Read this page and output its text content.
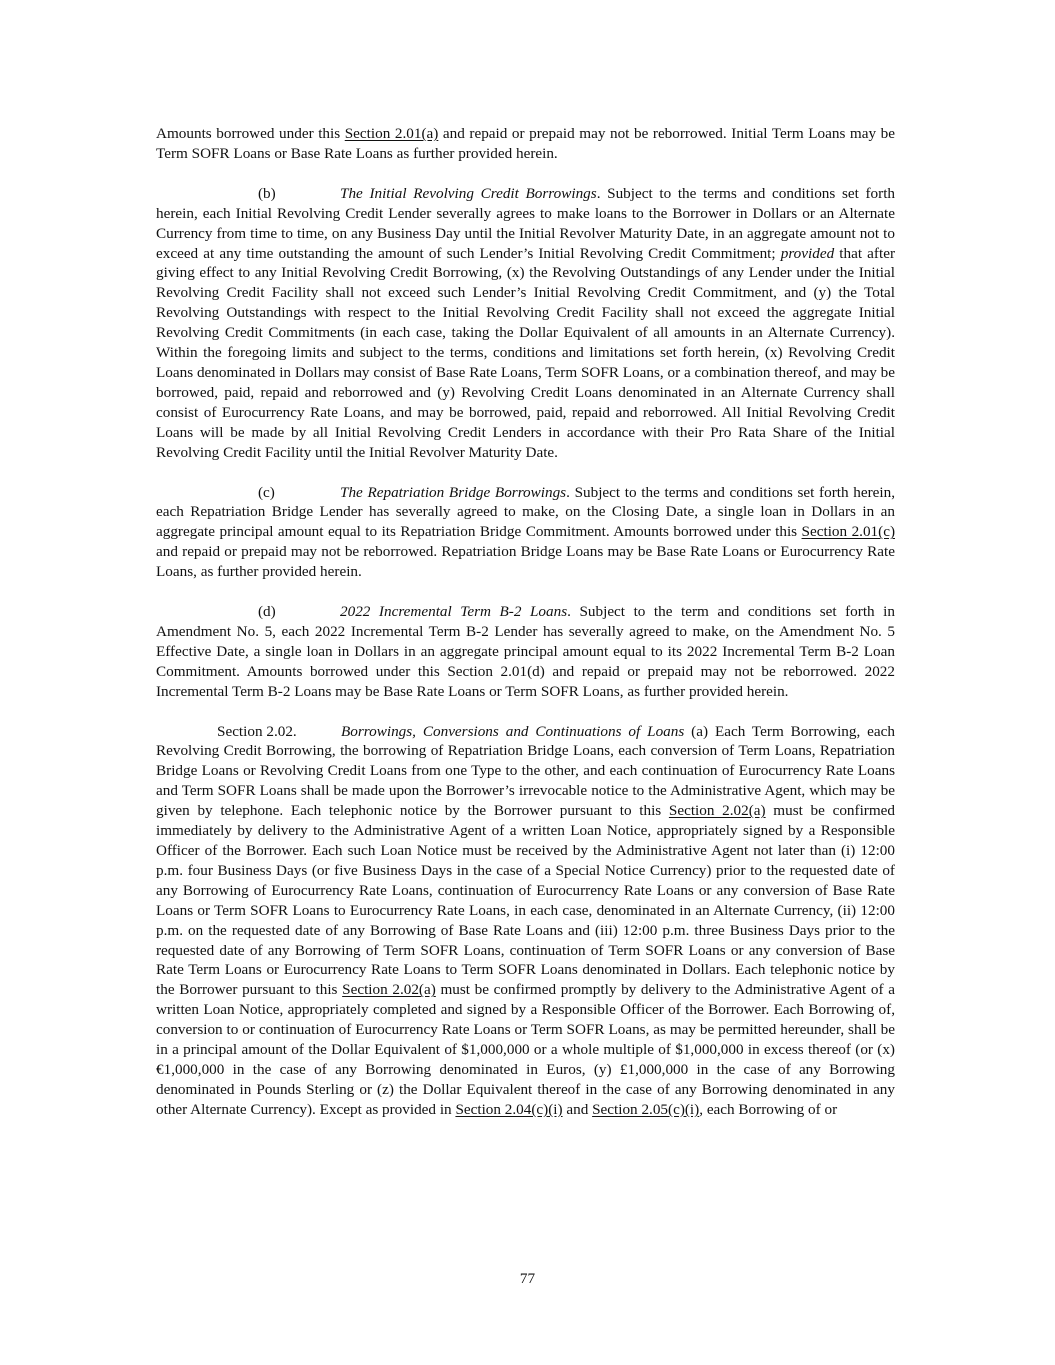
Amounts borrowed under this Section 2.01(a) and repaid or prepaid may not be reborrowed. Initial Term Loans may be Term SOFR Loans or Base Rate Loans as further provided herein.

(b)	The Initial Revolving Credit Borrowings. Subject to the terms and conditions set forth herein, each Initial Revolving Credit Lender severally agrees to make loans to the Borrower in Dollars or an Alternate Currency from time to time, on any Business Day until the Initial Revolver Maturity Date, in an aggregate amount not to exceed at any time outstanding the amount of such Lender’s Initial Revolving Credit Commitment; provided that after giving effect to any Initial Revolving Credit Borrowing, (x) the Revolving Outstandings of any Lender under the Initial Revolving Credit Facility shall not exceed such Lender’s Initial Revolving Credit Commitment, and (y) the Total Revolving Outstandings with respect to the Initial Revolving Credit Facility shall not exceed the aggregate Initial Revolving Credit Commitments (in each case, taking the Dollar Equivalent of all amounts in an Alternate Currency). Within the foregoing limits and subject to the terms, conditions and limitations set forth herein, (x) Revolving Credit Loans denominated in Dollars may consist of Base Rate Loans, Term SOFR Loans, or a combination thereof, and may be borrowed, paid, repaid and reborrowed and (y) Revolving Credit Loans denominated in an Alternate Currency shall consist of Eurocurrency Rate Loans, and may be borrowed, paid, repaid and reborrowed. All Initial Revolving Credit Loans will be made by all Initial Revolving Credit Lenders in accordance with their Pro Rata Share of the Initial Revolving Credit Facility until the Initial Revolver Maturity Date.

(c)	The Repatriation Bridge Borrowings. Subject to the terms and conditions set forth herein, each Repatriation Bridge Lender has severally agreed to make, on the Closing Date, a single loan in Dollars in an aggregate principal amount equal to its Repatriation Bridge Commitment. Amounts borrowed under this Section 2.01(c) and repaid or prepaid may not be reborrowed. Repatriation Bridge Loans may be Base Rate Loans or Eurocurrency Rate Loans, as further provided herein.

(d)	2022 Incremental Term B-2 Loans. Subject to the term and conditions set forth in Amendment No. 5, each 2022 Incremental Term B-2 Lender has severally agreed to make, on the Amendment No. 5 Effective Date, a single loan in Dollars in an aggregate principal amount equal to its 2022 Incremental Term B-2 Loan Commitment. Amounts borrowed under this Section 2.01(d) and repaid or prepaid may not be reborrowed. 2022 Incremental Term B-2 Loans may be Base Rate Loans or Term SOFR Loans, as further provided herein.

Section 2.02.	Borrowings, Conversions and Continuations of Loans (a) Each Term Borrowing, each Revolving Credit Borrowing, the borrowing of Repatriation Bridge Loans, each conversion of Term Loans, Repatriation Bridge Loans or Revolving Credit Loans from one Type to the other, and each continuation of Eurocurrency Rate Loans and Term SOFR Loans shall be made upon the Borrower’s irrevocable notice to the Administrative Agent, which may be given by telephone. Each telephonic notice by the Borrower pursuant to this Section 2.02(a) must be confirmed immediately by delivery to the Administrative Agent of a written Loan Notice, appropriately signed by a Responsible Officer of the Borrower. Each such Loan Notice must be received by the Administrative Agent not later than (i) 12:00 p.m. four Business Days (or five Business Days in the case of a Special Notice Currency) prior to the requested date of any Borrowing of Eurocurrency Rate Loans, continuation of Eurocurrency Rate Loans or any conversion of Base Rate Loans or Term SOFR Loans to Eurocurrency Rate Loans, in each case, denominated in an Alternate Currency, (ii) 12:00 p.m. on the requested date of any Borrowing of Base Rate Loans and (iii) 12:00 p.m. three Business Days prior to the requested date of any Borrowing of Term SOFR Loans, continuation of Term SOFR Loans or any conversion of Base Rate Term Loans or Eurocurrency Rate Loans to Term SOFR Loans denominated in Dollars. Each telephonic notice by the Borrower pursuant to this Section 2.02(a) must be confirmed promptly by delivery to the Administrative Agent of a written Loan Notice, appropriately completed and signed by a Responsible Officer of the Borrower. Each Borrowing of, conversion to or continuation of Eurocurrency Rate Loans or Term SOFR Loans, as may be permitted hereunder, shall be in a principal amount of the Dollar Equivalent of $1,000,000 or a whole multiple of $1,000,000 in excess thereof (or (x) €1,000,000 in the case of any Borrowing denominated in Euros, (y) £1,000,000 in the case of any Borrowing denominated in Pounds Sterling or (z) the Dollar Equivalent thereof in the case of any Borrowing denominated in any other Alternate Currency). Except as provided in Section 2.04(c)(i) and Section 2.05(c)(i), each Borrowing of or

77
